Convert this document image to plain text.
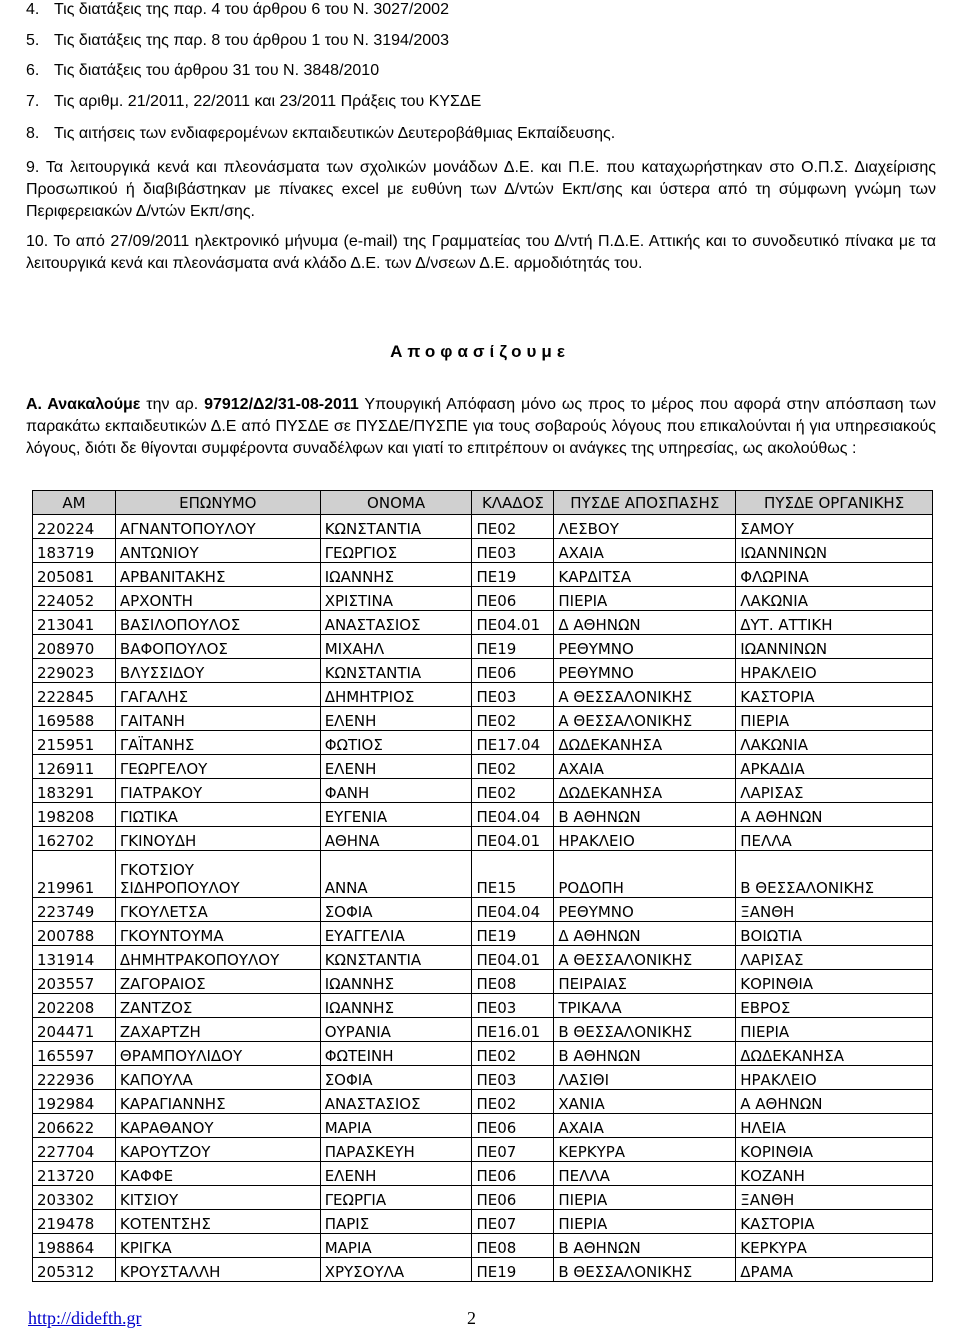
4. Τις διατάξεις της παρ. 4 του άρθρου 6 του Ν. 3027/2002

5. Τις διατάξεις της παρ. 8 του άρθρου 1 του Ν. 3194/2003

6. Τις διατάξεις του άρθρου 31 του Ν. 3848/2010

7. Τις αριθμ. 21/2011, 22/2011 και 23/2011 Πράξεις του ΚΥΣΔΕ

8. Τις αιτήσεις των ενδιαφερομένων εκπαιδευτικών Δευτεροβάθμιας Εκπαίδευσης.

9. Τα λειτουργικά κενά και πλεονάσματα των σχολικών μονάδων Δ.Ε. και Π.Ε. που καταχωρήστηκαν στο Ο.Π.Σ. Διαχείρισης Προσωπικού ή διαβιβάστηκαν με πίνακες excel με ευθύνη των Δ/ντών Εκπ/σης και ύστερα από τη σύμφωνη γνώμη των Περιφερειακών Δ/ντών Εκπ/σης.

10. Το από 27/09/2011 ηλεκτρονικό μήνυμα (e-mail) της Γραμματείας του Δ/ντή Π.Δ.Ε. Αττικής και το συνοδευτικό πίνακα με τα λειτουργικά κενά και πλεονάσματα ανά κλάδο Δ.Ε. των Δ/νσεων Δ.Ε. αρμοδιότητάς του.

Αποφασίζουμε

Α. Ανακαλούμε την αρ. 97912/Δ2/31-08-2011 Υπουργική Απόφαση μόνο ως προς το μέρος που αφορά στην απόσπαση των παρακάτω εκπαιδευτικών Δ.Ε από ΠΥΣΔΕ σε ΠΥΣΔΕ/ΠΥΣΠΕ για τους σοβαρούς λόγους που επικαλούνται ή για υπηρεσιακούς λόγους, διότι δε θίγονται συμφέροντα συναδέλφων και γιατί το επιτρέπουν οι ανάγκες της υπηρεσίας, ως ακολούθως :

ΑΜ	ΕΠΩΝΥΜΟ	ΟΝΟΜΑ	ΚΛΑΔΟΣ	ΠΥΣΔΕ ΑΠΟΣΠΑΣΗΣ	ΠΥΣΔΕ ΟΡΓΑΝΙΚΗΣ
220224	ΑΓΝΑΝΤΟΠΟΥΛΟΥ	ΚΩΝΣΤΑΝΤΙΑ	ΠΕ02	ΛΕΣΒΟΥ	ΣΑΜΟΥ
183719	ΑΝΤΩΝΙΟΥ	ΓΕΩΡΓΙΟΣ	ΠΕ03	ΑΧΑΙΑ	ΙΩΑΝΝΙΝΩΝ
205081	ΑΡΒΑΝΙΤΑΚΗΣ	ΙΩΑΝΝΗΣ	ΠΕ19	ΚΑΡΔΙΤΣΑ	ΦΛΩΡΙΝΑ
224052	ΑΡΧΟΝΤΗ	ΧΡΙΣΤΙΝΑ	ΠΕ06	ΠΙΕΡΙΑ	ΛΑΚΩΝΙΑ
213041	ΒΑΣΙΛΟΠΟΥΛΟΣ	ΑΝΑΣΤΑΣΙΟΣ	ΠΕ04.01	Δ ΑΘΗΝΩΝ	ΔΥΤ. ΑΤΤΙΚΗ
208970	ΒΑΦΟΠΟΥΛΟΣ	ΜΙΧΑΗΛ	ΠΕ19	ΡΕΘΥΜΝΟ	ΙΩΑΝΝΙΝΩΝ
229023	ΒΛΥΣΣΙΔΟΥ	ΚΩΝΣΤΑΝΤΙΑ	ΠΕ06	ΡΕΘΥΜΝΟ	ΗΡΑΚΛΕΙΟ
222845	ΓΑΓΑΛΗΣ	ΔΗΜΗΤΡΙΟΣ	ΠΕ03	Α ΘΕΣΣΑΛΟΝΙΚΗΣ	ΚΑΣΤΟΡΙΑ
169588	ΓΑΙΤΑΝΗ	ΕΛΕΝΗ	ΠΕ02	Α ΘΕΣΣΑΛΟΝΙΚΗΣ	ΠΙΕΡΙΑ
215951	ΓΑΪΤΑΝΗΣ	ΦΩΤΙΟΣ	ΠΕ17.04	ΔΩΔΕΚΑΝΗΣΑ	ΛΑΚΩΝΙΑ
126911	ΓΕΩΡΓΕΛΟΥ	ΕΛΕΝΗ	ΠΕ02	ΑΧΑΙΑ	ΑΡΚΑΔΙΑ
183291	ΓΙΑΤΡΑΚΟΥ	ΦΑΝΗ	ΠΕ02	ΔΩΔΕΚΑΝΗΣΑ	ΛΑΡΙΣΑΣ
198208	ΓΙΩΤΙΚΑ	ΕΥΓΕΝΙΑ	ΠΕ04.04	Β ΑΘΗΝΩΝ	Α ΑΘΗΝΩΝ
162702	ΓΚΙΝΟΥΔΗ	ΑΘΗΝΑ	ΠΕ04.01	ΗΡΑΚΛΕΙΟ	ΠΕΛΛΑ
219961	ΓΚΟΤΣΙΟΥ ΣΙΔΗΡΟΠΟΥΛΟΥ	ΑΝΝΑ	ΠΕ15	ΡΟΔΟΠΗ	Β ΘΕΣΣΑΛΟΝΙΚΗΣ
223749	ΓΚΟΥΛΕΤΣΑ	ΣΟΦΙΑ	ΠΕ04.04	ΡΕΘΥΜΝΟ	ΞΑΝΘΗ
200788	ΓΚΟΥΝΤΟΥΜΑ	ΕΥΑΓΓΕΛΙΑ	ΠΕ19	Δ ΑΘΗΝΩΝ	ΒΟΙΩΤΙΑ
131914	ΔΗΜΗΤΡΑΚΟΠΟΥΛΟΥ	ΚΩΝΣΤΑΝΤΙΑ	ΠΕ04.01	Α ΘΕΣΣΑΛΟΝΙΚΗΣ	ΛΑΡΙΣΑΣ
203557	ΖΑΓΟΡΑΙΟΣ	ΙΩΑΝΝΗΣ	ΠΕ08	ΠΕΙΡΑΙΑΣ	ΚΟΡΙΝΘΙΑ
202208	ΖΑΝΤΖΟΣ	ΙΩΑΝΝΗΣ	ΠΕ03	ΤΡΙΚΑΛΑ	ΕΒΡΟΣ
204471	ΖΑΧΑΡΤΖΗ	ΟΥΡΑΝΙΑ	ΠΕ16.01	Β ΘΕΣΣΑΛΟΝΙΚΗΣ	ΠΙΕΡΙΑ
165597	ΘΡΑΜΠΟΥΛΙΔΟΥ	ΦΩΤΕΙΝΗ	ΠΕ02	Β ΑΘΗΝΩΝ	ΔΩΔΕΚΑΝΗΣΑ
222936	ΚΑΠΟΥΛΑ	ΣΟΦΙΑ	ΠΕ03	ΛΑΣΙΘΙ	ΗΡΑΚΛΕΙΟ
192984	ΚΑΡΑΓΙΑΝΝΗΣ	ΑΝΑΣΤΑΣΙΟΣ	ΠΕ02	ΧΑΝΙΑ	Α ΑΘΗΝΩΝ
206622	ΚΑΡΑΘΑΝΟΥ	ΜΑΡΙΑ	ΠΕ06	ΑΧΑΙΑ	ΗΛΕΙΑ
227704	ΚΑΡΟΥΤΖΟΥ	ΠΑΡΑΣΚΕΥΗ	ΠΕ07	ΚΕΡΚΥΡΑ	ΚΟΡΙΝΘΙΑ
213720	ΚΑΦΦΕ	ΕΛΕΝΗ	ΠΕ06	ΠΕΛΛΑ	ΚΟΖΑΝΗ
203302	ΚΙΤΣΙΟΥ	ΓΕΩΡΓΙΑ	ΠΕ06	ΠΙΕΡΙΑ	ΞΑΝΘΗ
219478	ΚΟΤΕΝΤΣΗΣ	ΠΑΡΙΣ	ΠΕ07	ΠΙΕΡΙΑ	ΚΑΣΤΟΡΙΑ
198864	ΚΡΙΓΚΑ	ΜΑΡΙΑ	ΠΕ08	Β ΑΘΗΝΩΝ	ΚΕΡΚΥΡΑ
205312	ΚΡΟΥΣΤΑΛΛΗ	ΧΡΥΣΟΥΛΑ	ΠΕ19	Β ΘΕΣΣΑΛΟΝΙΚΗΣ	ΔΡΑΜΑ
http://didefth.gr	2
